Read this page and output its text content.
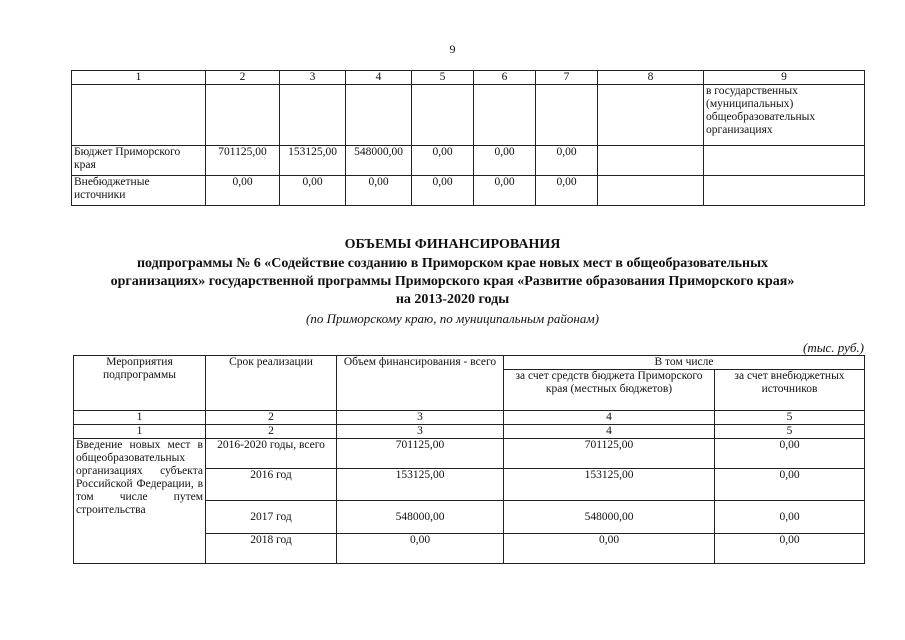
9
1	2	3	4	5	6	7	8	9
								в государственных (муниципальных) общеобразовательных организациях
Бюджет Приморского края	701125,00	153125,00	548000,00	0,00	0,00	0,00		
Внебюджетные источники	0,00	0,00	0,00	0,00	0,00	0,00		
ОБЪЕМЫ ФИНАНСИРОВАНИЯ
подпрограммы № 6 «Содействие созданию в Приморском крае новых мест в общеобразовательных
организациях» государственной программы Приморского края «Развитие образования Приморского края»
на 2013-2020 годы
(по Приморскому краю, по муниципальным районам)
(тыс. руб.)
Мероприятия подпрограммы	Срок реализации	Объем финансирования - всего	В том числе	
			за счет средств бюджета Приморского края (местных бюджетов)	за счет внебюджетных источников
1	2	3	4	5
1	2	3	4	5
Введение новых мест в общеобразовательных организациях субъекта Российской Федерации, в том числе путем строительства	2016-2020 годы, всего	701125,00	701125,00	0,00
	2016 год	153125,00	153125,00	0,00
	2017 год	548000,00	548000,00	0,00
	2018 год	0,00	0,00	0,00
